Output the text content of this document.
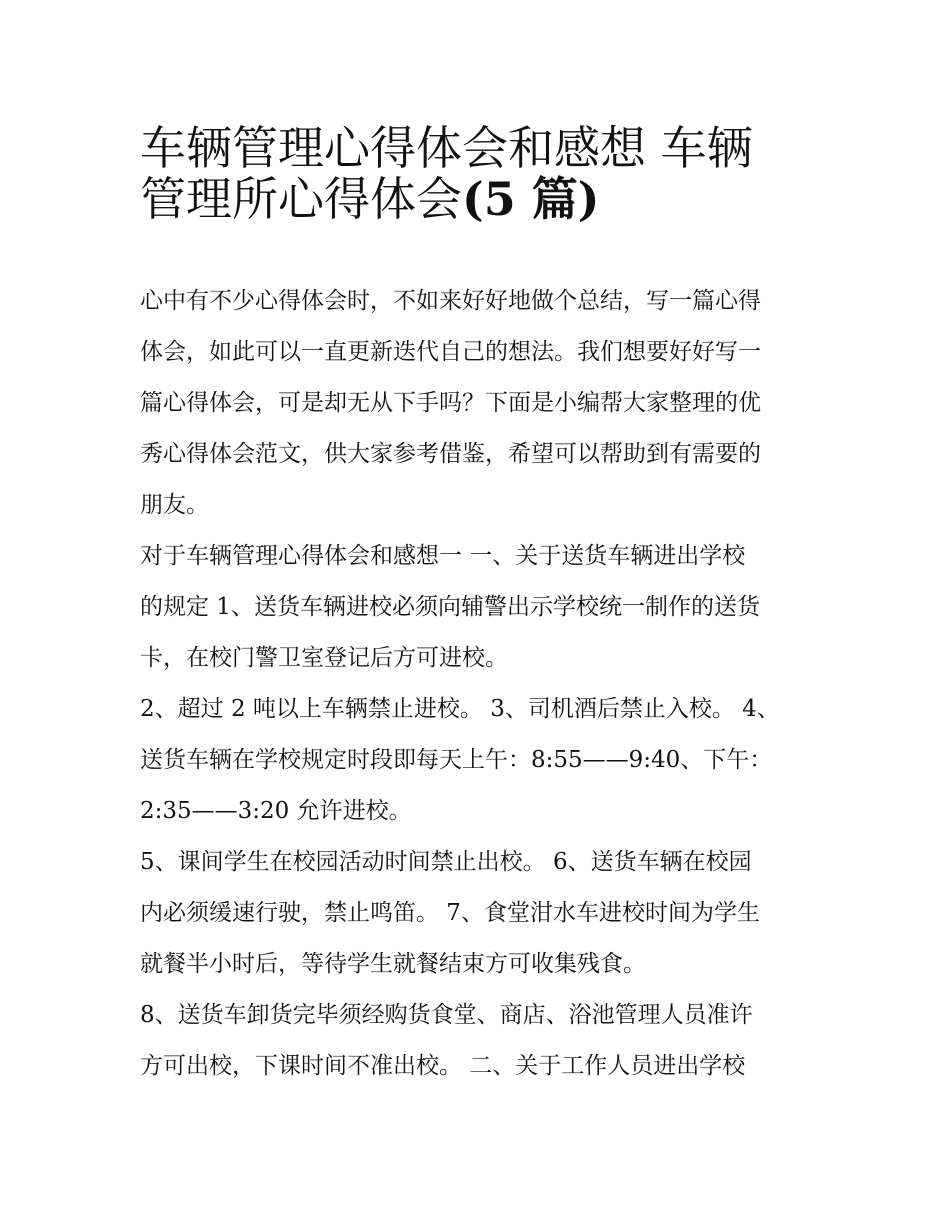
车辆管理心得体会和感想 车辆
管理所心得体会(5 篇)

心中有不少心得体会时，不如来好好地做个总结，写一篇心得
体会，如此可以一直更新迭代自己的想法。我们想要好好写一
篇心得体会，可是却无从下手吗？下面是小编帮大家整理的优
秀心得体会范文，供大家参考借鉴，希望可以帮助到有需要的
朋友。

对于车辆管理心得体会和感想一 一、关于送货车辆进出学校
的规定 1、送货车辆进校必须向辅警出示学校统一制作的送货
卡，在校门警卫室登记后方可进校。

2、超过 2 吨以上车辆禁止进校。 3、司机酒后禁止入校。 4、
送货车辆在学校规定时段即每天上午：8:55——9:40、下午：
2:35——3:20 允许进校。

5、课间学生在校园活动时间禁止出校。 6、送货车辆在校园
内必须缓速行驶，禁止鸣笛。 7、食堂泔水车进校时间为学生
就餐半小时后，等待学生就餐结束方可收集残食。

8、送货车卸货完毕须经购货食堂、商店、浴池管理人员准许
方可出校，下课时间不准出校。 二、关于工作人员进出学校
